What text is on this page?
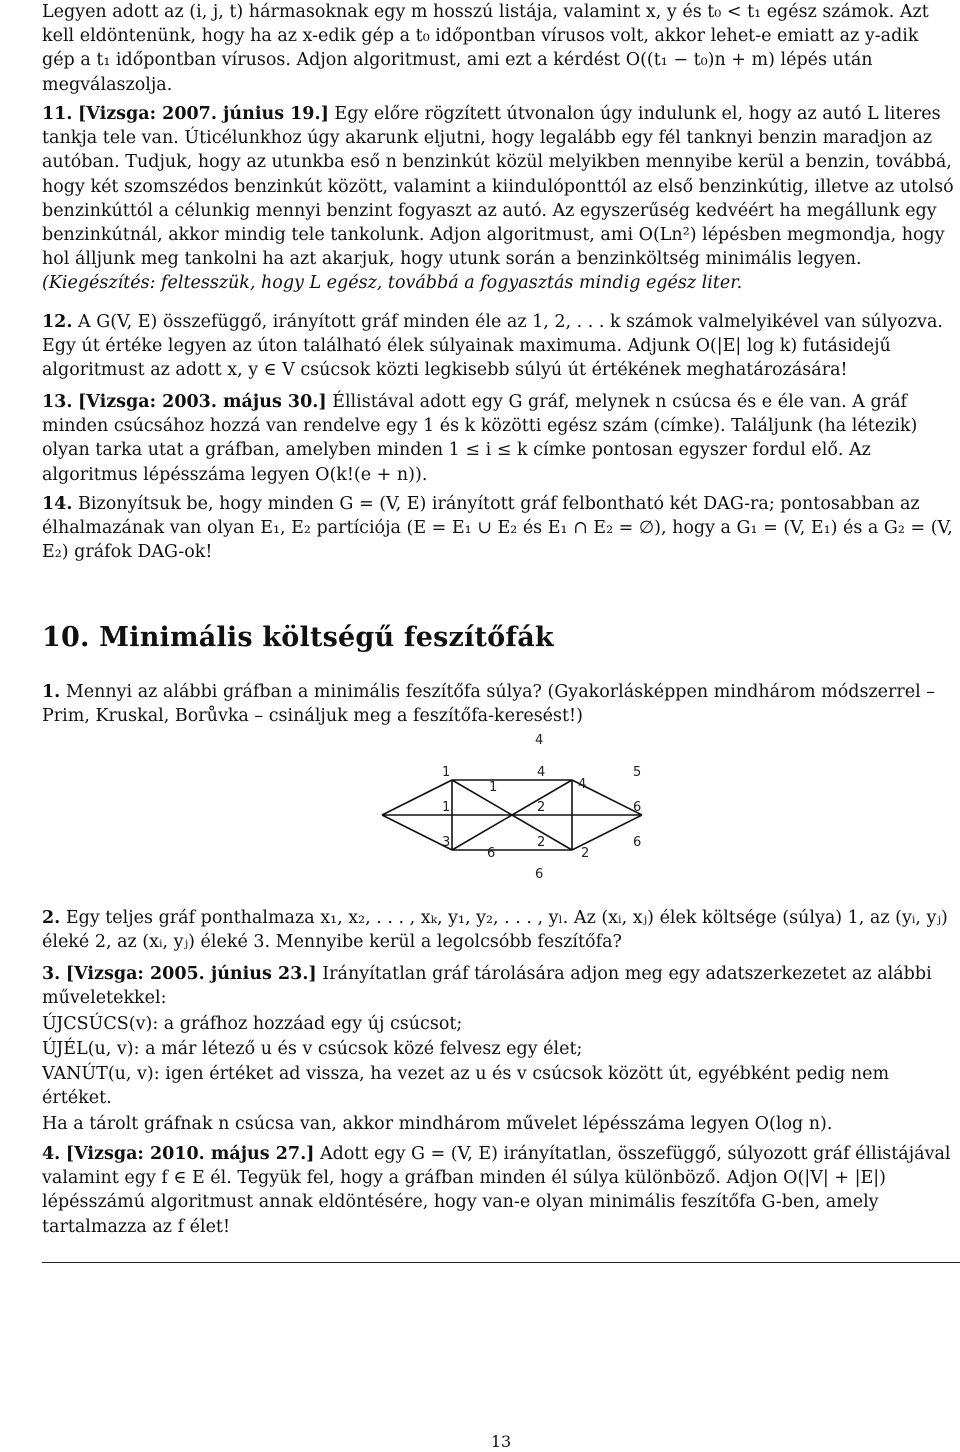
Legyen adott az (i, j, t) hármasoknak egy m hosszú listája, valamint x, y és t₀ < t₁ egész számok. Azt kell eldöntenünk, hogy ha az x-edik gép a t₀ időpontban vírusos volt, akkor lehet-e emiatt az y-adik gép a t₁ időpontban vírusos. Adjon algoritmust, ami ezt a kérdést O((t₁ − t₀)n + m) lépés után megválaszolja.

11. [Vizsga: 2007. június 19.] Egy előre rögzített útvonalon úgy indulunk el, hogy az autó L literes tankja tele van. Úticélunkhoz úgy akarunk eljutni, hogy legalább egy fél tanknyi benzin maradjon az autóban. Tudjuk, hogy az utunkba eső n benzinkút közül melyikben mennyibe kerül a benzin, továbbá, hogy két szomszédos benzinkút között, valamint a kiindulóponttól az első benzinkútig, illetve az utolsó benzinkúttól a célunkig mennyi benzint fogyaszt az autó. Az egyszerűség kedvéért ha megállunk egy benzinkútnál, akkor mindig tele tankolunk. Adjon algoritmust, ami O(Ln²) lépésben megmondja, hogy hol álljunk meg tankolni ha azt akarjuk, hogy utunk során a benzinköltség minimális legyen. (Kiegészítés: feltesszük, hogy L egész, továbbá a fogyasztás mindig egész liter.

12. A G(V, E) összefüggő, irányított gráf minden éle az 1, 2, . . . k számok valmelyikével van súlyozva. Egy út értéke legyen az úton található élek súlyainak maximuma. Adjunk O(|E| log k) futásidejű algoritmust az adott x, y ∈ V csúcsok közti legkisebb súlyú út értékének meghatározására!

13. [Vizsga: 2003. május 30.] Éllistával adott egy G gráf, melynek n csúcsa és e éle van. A gráf minden csúcsához hozzá van rendelve egy 1 és k közötti egész szám (címke). Találjunk (ha létezik) olyan tarka utat a gráfban, amelyben minden 1 ≤ i ≤ k címke pontosan egyszer fordul elő. Az algoritmus lépésszáma legyen O(k!(e + n)).

14. Bizonyítsuk be, hogy minden G = (V, E) irányított gráf felbontható két DAG-ra; pontosabban az élhalmazának van olyan E₁, E₂ partíciója (E = E₁ ∪ E₂ és E₁ ∩ E₂ = ∅), hogy a G₁ = (V, E₁) és a G₂ = (V, E₂) gráfok DAG-ok!

10. Minimális költségű feszítőfák

1. Mennyi az alábbi gráfban a minimális feszítőfa súlya? (Gyakorlásképpen mindhárom módszerrel – Prim, Kruskal, Borůvka – csináljuk meg a feszítőfa-keresést!)

4
1	4	5
1
4
1
2	6
3
6
2
2
6
6

2. Egy teljes gráf ponthalmaza x₁, x₂, . . . , xₖ, y₁, y₂, . . . , yₗ. Az (xᵢ, xⱼ) élek költsége (súlya) 1, az (yᵢ, yⱼ) éleké 2, az (xᵢ, yⱼ) éleké 3. Mennyibe kerül a legolcsóbb feszítőfa?

3. [Vizsga: 2005. június 23.] Irányítatlan gráf tárolására adjon meg egy adatszerkezetet az alábbi műveletekkel:

ÚJCSÚCS(v): a gráfhoz hozzáad egy új csúcsot;

ÚJÉL(u, v): a már létező u és v csúcsok közé felvesz egy élet;

VANÚT(u, v): igen értéket ad vissza, ha vezet az u és v csúcsok között út, egyébként pedig nem értéket.

Ha a tárolt gráfnak n csúcsa van, akkor mindhárom művelet lépésszáma legyen O(log n).

4. [Vizsga: 2010. május 27.] Adott egy G = (V, E) irányítatlan, összefüggő, súlyozott gráf éllistájával valamint egy f ∈ E él. Tegyük fel, hogy a gráfban minden él súlya különböző. Adjon O(|V| + |E|) lépésszámú algoritmust annak eldöntésére, hogy van-e olyan minimális feszítőfa G-ben, amely tartalmazza az f élet!

13
